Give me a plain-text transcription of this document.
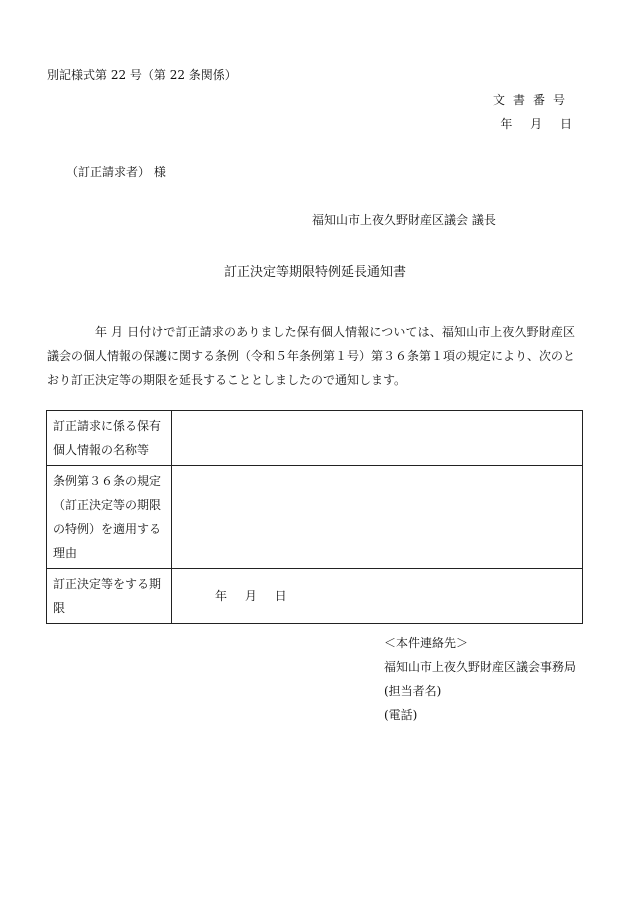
別記様式第 22 号（第 22 条関係）
文書番号
年 月 日
（訂正請求者） 様
福知山市上夜久野財産区議会 議長
訂正決定等期限特例延長通知書
年 月 日付けで訂正請求のありました保有個人情報については、福知山市上夜久野財産区議会の個人情報の保護に関する条例（令和５年条例第１号）第３６条第１項の規定により、次のとおり訂正決定等の期限を延長することとしましたので通知します。
訂正請求に係る保有個人情報の名称等	
条例第３６条の規定（訂正決定等の期限の特例）を適用する理由	
訂正決定等をする期限	年 月 日
＜本件連絡先＞
福知山市上夜久野財産区議会事務局
(担当者名)
(電話)
